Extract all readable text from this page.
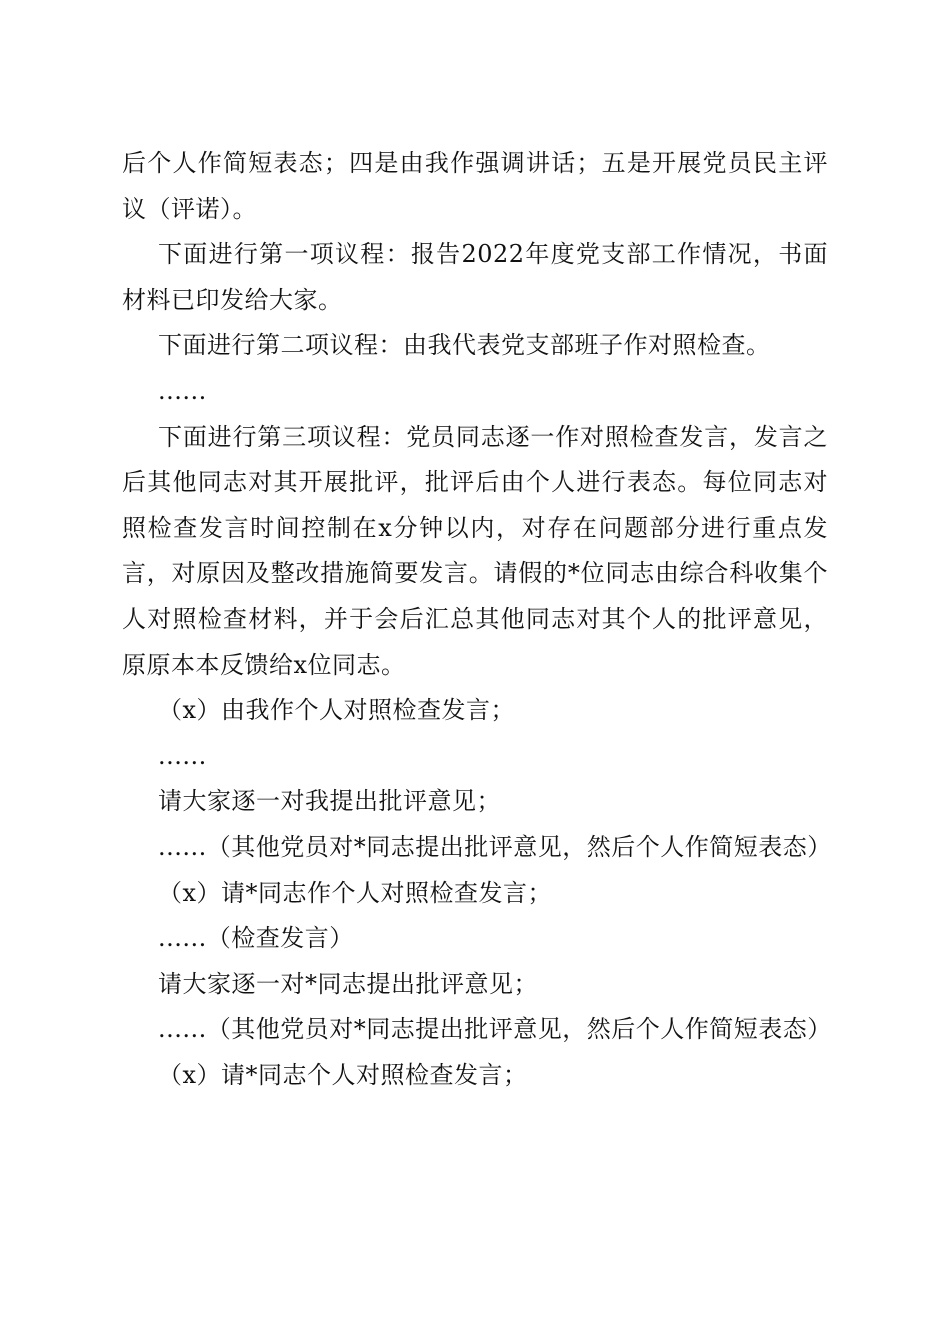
后个人作简短表态；四是由我作强调讲话；五是开展党员民主评议（评诺）。

下面进行第一项议程：报告2022年度党支部工作情况，书面材料已印发给大家。

下面进行第二项议程：由我代表党支部班子作对照检查。

......

下面进行第三项议程：党员同志逐一作对照检查发言，发言之后其他同志对其开展批评，批评后由个人进行表态。每位同志对照检查发言时间控制在x分钟以内，对存在问题部分进行重点发言，对原因及整改措施简要发言。请假的*位同志由综合科收集个人对照检查材料，并于会后汇总其他同志对其个人的批评意见，原原本本反馈给x位同志。

（x）由我作个人对照检查发言；

......

请大家逐一对我提出批评意见；

......（其他党员对*同志提出批评意见，然后个人作简短表态）

（x）请*同志作个人对照检查发言；

......（检查发言）

请大家逐一对*同志提出批评意见；

......（其他党员对*同志提出批评意见，然后个人作简短表态）

（x）请*同志个人对照检查发言；
